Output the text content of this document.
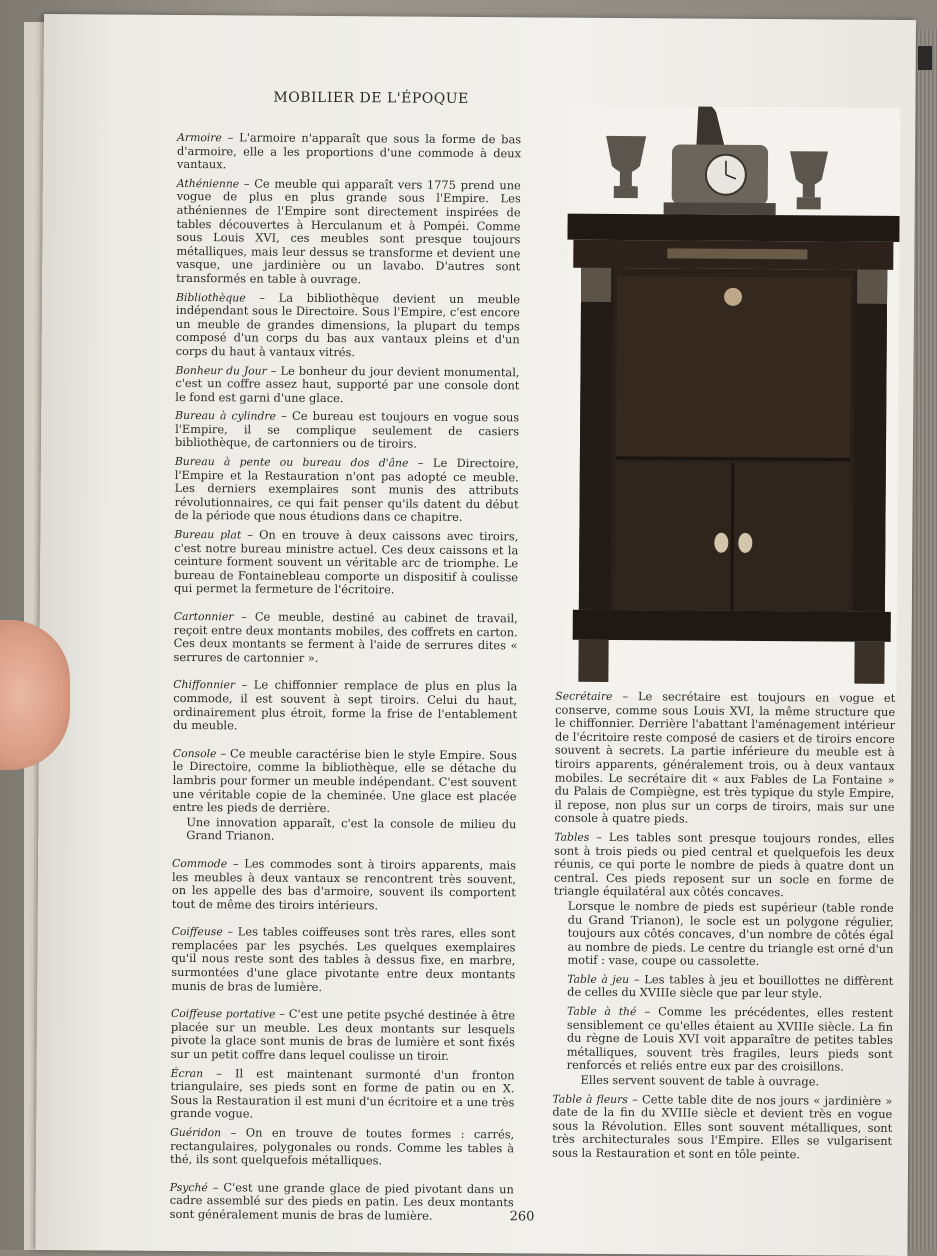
MOBILIER DE L'ÉPOQUE
Armoire – L'armoire n'apparaît que sous la forme de bas d'armoire, elle a les proportions d'une commode à deux vantaux.
Athénienne – Ce meuble qui apparaît vers 1775 prend une vogue de plus en plus grande sous l'Empire. Les athéniennes de l'Empire sont directement inspirées de tables découvertes à Herculanum et à Pompéi. Comme sous Louis XVI, ces meubles sont presque toujours métalliques, mais leur dessus se transforme et devient une vasque, une jardinière ou un lavabo. D'autres sont transformés en table à ouvrage.
Bibliothèque – La bibliothèque devient un meuble indépendant sous le Directoire. Sous l'Empire, c'est encore un meuble de grandes dimensions, la plupart du temps composé d'un corps du bas aux vantaux pleins et d'un corps du haut à vantaux vitrés.
Bonheur du Jour – Le bonheur du jour devient monumental, c'est un coffre assez haut, supporté par une console dont le fond est garni d'une glace.
Bureau à cylindre – Ce bureau est toujours en vogue sous l'Empire, il se complique seulement de casiers bibliothèque, de cartonniers ou de tiroirs.
Bureau à pente ou bureau dos d'âne – Le Directoire, l'Empire et la Restauration n'ont pas adopté ce meuble. Les derniers exemplaires sont munis des attributs révolutionnaires, ce qui fait penser qu'ils datent du début de la période que nous étudions dans ce chapitre.
Bureau plat – On en trouve à deux caissons avec tiroirs, c'est notre bureau ministre actuel. Ces deux caissons et la ceinture forment souvent un véritable arc de triomphe. Le bureau de Fontainebleau comporte un dispositif à coulisse qui permet la fermeture de l'écritoire.
Cartonnier – Ce meuble, destiné au cabinet de travail, reçoit entre deux montants mobiles, des coffrets en carton. Ces deux montants se ferment à l'aide de serrures dites « serrures de cartonnier ».
Chiffonnier – Le chiffonnier remplace de plus en plus la commode, il est souvent à sept tiroirs. Celui du haut, ordinairement plus étroit, forme la frise de l'entablement du meuble.
Console – Ce meuble caractérise bien le style Empire. Sous le Directoire, comme la bibliothèque, elle se détache du lambris pour former un meuble indépendant. C'est souvent une véritable copie de la cheminée. Une glace est placée entre les pieds de derrière.
Une innovation apparaît, c'est la console de milieu du Grand Trianon.
Commode – Les commodes sont à tiroirs apparents, mais les meubles à deux vantaux se rencontrent très souvent, on les appelle des bas d'armoire, souvent ils comportent tout de même des tiroirs intérieurs.
Coiffeuse – Les tables coiffeuses sont très rares, elles sont remplacées par les psychés. Les quelques exemplaires qu'il nous reste sont des tables à dessus fixe, en marbre, surmontées d'une glace pivotante entre deux montants munis de bras de lumière.
Coiffeuse portative – C'est une petite psyché destinée à être placée sur un meuble. Les deux montants sur lesquels pivote la glace sont munis de bras de lumière et sont fixés sur un petit coffre dans lequel coulisse un tiroir.
Écran – Il est maintenant surmonté d'un fronton triangulaire, ses pieds sont en forme de patin ou en X. Sous la Restauration il est muni d'un écritoire et a une très grande vogue.
Guéridon – On en trouve de toutes formes : carrés, rectangulaires, polygonales ou ronds. Comme les tables à thé, ils sont quelquefois métalliques.
Psyché – C'est une grande glace de pied pivotant dans un cadre assemblé sur des pieds en patin. Les deux montants sont généralement munis de bras de lumière.
Secrétaire – Le secrétaire est toujours en vogue et conserve, comme sous Louis XVI, la même structure que le chiffonnier. Derrière l'abattant l'aménagement intérieur de l'écritoire reste composé de casiers et de tiroirs encore souvent à secrets. La partie inférieure du meuble est à tiroirs apparents, généralement trois, ou à deux vantaux mobiles. Le secrétaire dit « aux Fables de La Fontaine » du Palais de Compiègne, est très typique du style Empire, il repose, non plus sur un corps de tiroirs, mais sur une console à quatre pieds.
Tables – Les tables sont presque toujours rondes, elles sont à trois pieds ou pied central et quelquefois les deux réunis, ce qui porte le nombre de pieds à quatre dont un central. Ces pieds reposent sur un socle en forme de triangle équilatéral aux côtés concaves.
Lorsque le nombre de pieds est supérieur (table ronde du Grand Trianon), le socle est un polygone régulier, toujours aux côtés concaves, d'un nombre de côtés égal au nombre de pieds. Le centre du triangle est orné d'un motif : vase, coupe ou cassolette.
Table à jeu – Les tables à jeu et bouillottes ne diffèrent de celles du XVIIIe siècle que par leur style.
Table à thé – Comme les précédentes, elles restent sensiblement ce qu'elles étaient au XVIIIe siècle. La fin du règne de Louis XVI voit apparaître de petites tables métalliques, souvent très fragiles, leurs pieds sont renforcés et reliés entre eux par des croisillons.
Elles servent souvent de table à ouvrage.
Table à fleurs – Cette table dite de nos jours « jardinière » date de la fin du XVIIIe siècle et devient très en vogue sous la Révolution. Elles sont souvent métalliques, sont très architecturales sous l'Empire. Elles se vulgarisent sous la Restauration et sont en tôle peinte.
260
